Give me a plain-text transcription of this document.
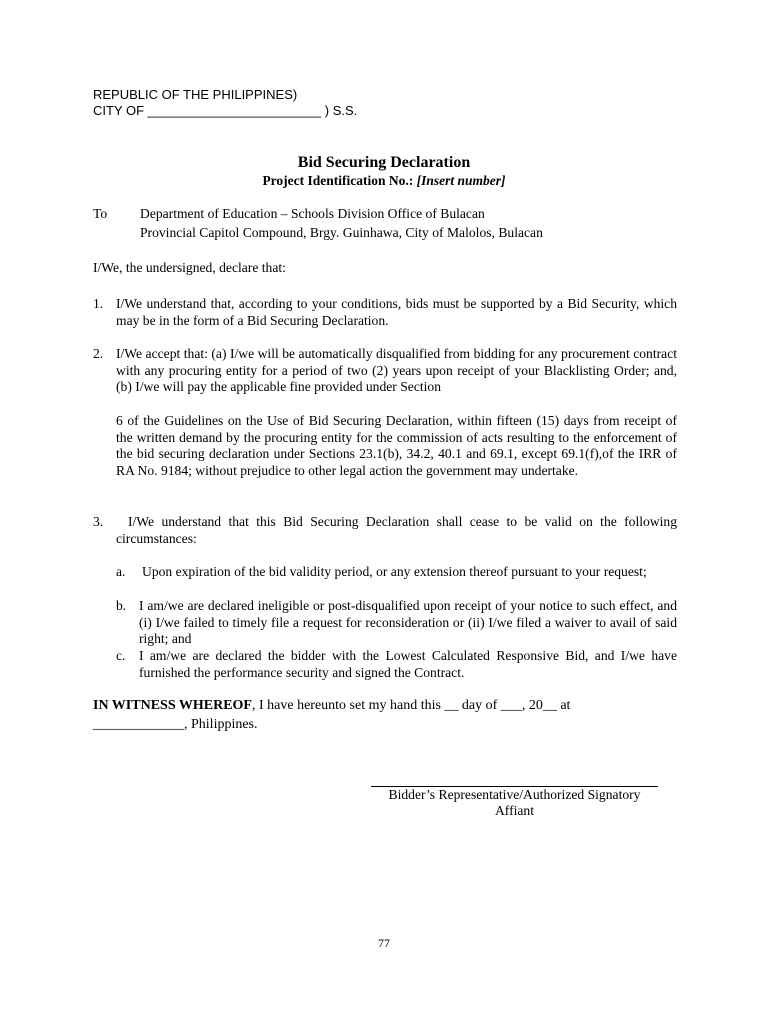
REPUBLIC OF THE PHILIPPINES)
CITY OF ________________________ ) S.S.
Bid Securing Declaration
Project Identification No.: [Insert number]
To Department of Education – Schools Division Office of Bulacan
Provincial Capitol Compound, Brgy. Guinhawa, City of Malolos, Bulacan
I/We, the undersigned, declare that:
1. I/We understand that, according to your conditions, bids must be supported by a Bid Security, which may be in the form of a Bid Securing Declaration.
2. I/We accept that: (a) I/we will be automatically disqualified from bidding for any procurement contract with any procuring entity for a period of two (2) years upon receipt of your Blacklisting Order; and, (b) I/we will pay the applicable fine provided under Section
6 of the Guidelines on the Use of Bid Securing Declaration, within fifteen (15) days from receipt of the written demand by the procuring entity for the commission of acts resulting to the enforcement of the bid securing declaration under Sections 23.1(b), 34.2, 40.1 and 69.1, except 69.1(f),of the IRR of RA No. 9184; without prejudice to other legal action the government may undertake.
3.	I/We understand that this Bid Securing Declaration shall cease to be valid on the following circumstances:
a. Upon expiration of the bid validity period, or any extension thereof pursuant to your request;
b. I am/we are declared ineligible or post-disqualified upon receipt of your notice to such effect, and (i) I/we failed to timely file a request for reconsideration or (ii) I/we filed a waiver to avail of said right; and
c. I am/we are declared the bidder with the Lowest Calculated Responsive Bid, and I/we have furnished the performance security and signed the Contract.
IN WITNESS WHEREOF, I have hereunto set my hand this __ day of ___, 20__ at
_____________, Philippines.
Bidder’s Representative/Authorized Signatory
Affiant
77
